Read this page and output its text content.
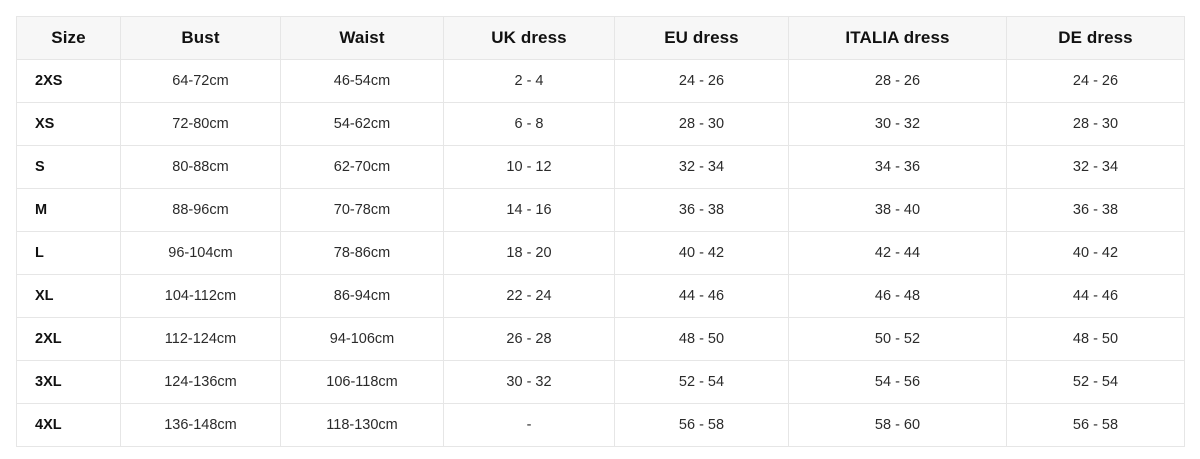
Size	Bust	Waist	UK dress	EU dress	ITALIA dress	DE dress
2XS	64-72cm	46-54cm	2 - 4	24 - 26	28 - 26	24 - 26
XS	72-80cm	54-62cm	6 - 8	28 - 30	30 - 32	28 - 30
S	80-88cm	62-70cm	10 - 12	32 - 34	34 - 36	32 - 34
M	88-96cm	70-78cm	14 - 16	36 - 38	38 - 40	36 - 38
L	96-104cm	78-86cm	18 - 20	40 - 42	42 - 44	40 - 42
XL	104-112cm	86-94cm	22 - 24	44 - 46	46 - 48	44 - 46
2XL	112-124cm	94-106cm	26 - 28	48 - 50	50 - 52	48 - 50
3XL	124-136cm	106-118cm	30 - 32	52 - 54	54 - 56	52 - 54
4XL	136-148cm	118-130cm	-	56 - 58	58 - 60	56 - 58
